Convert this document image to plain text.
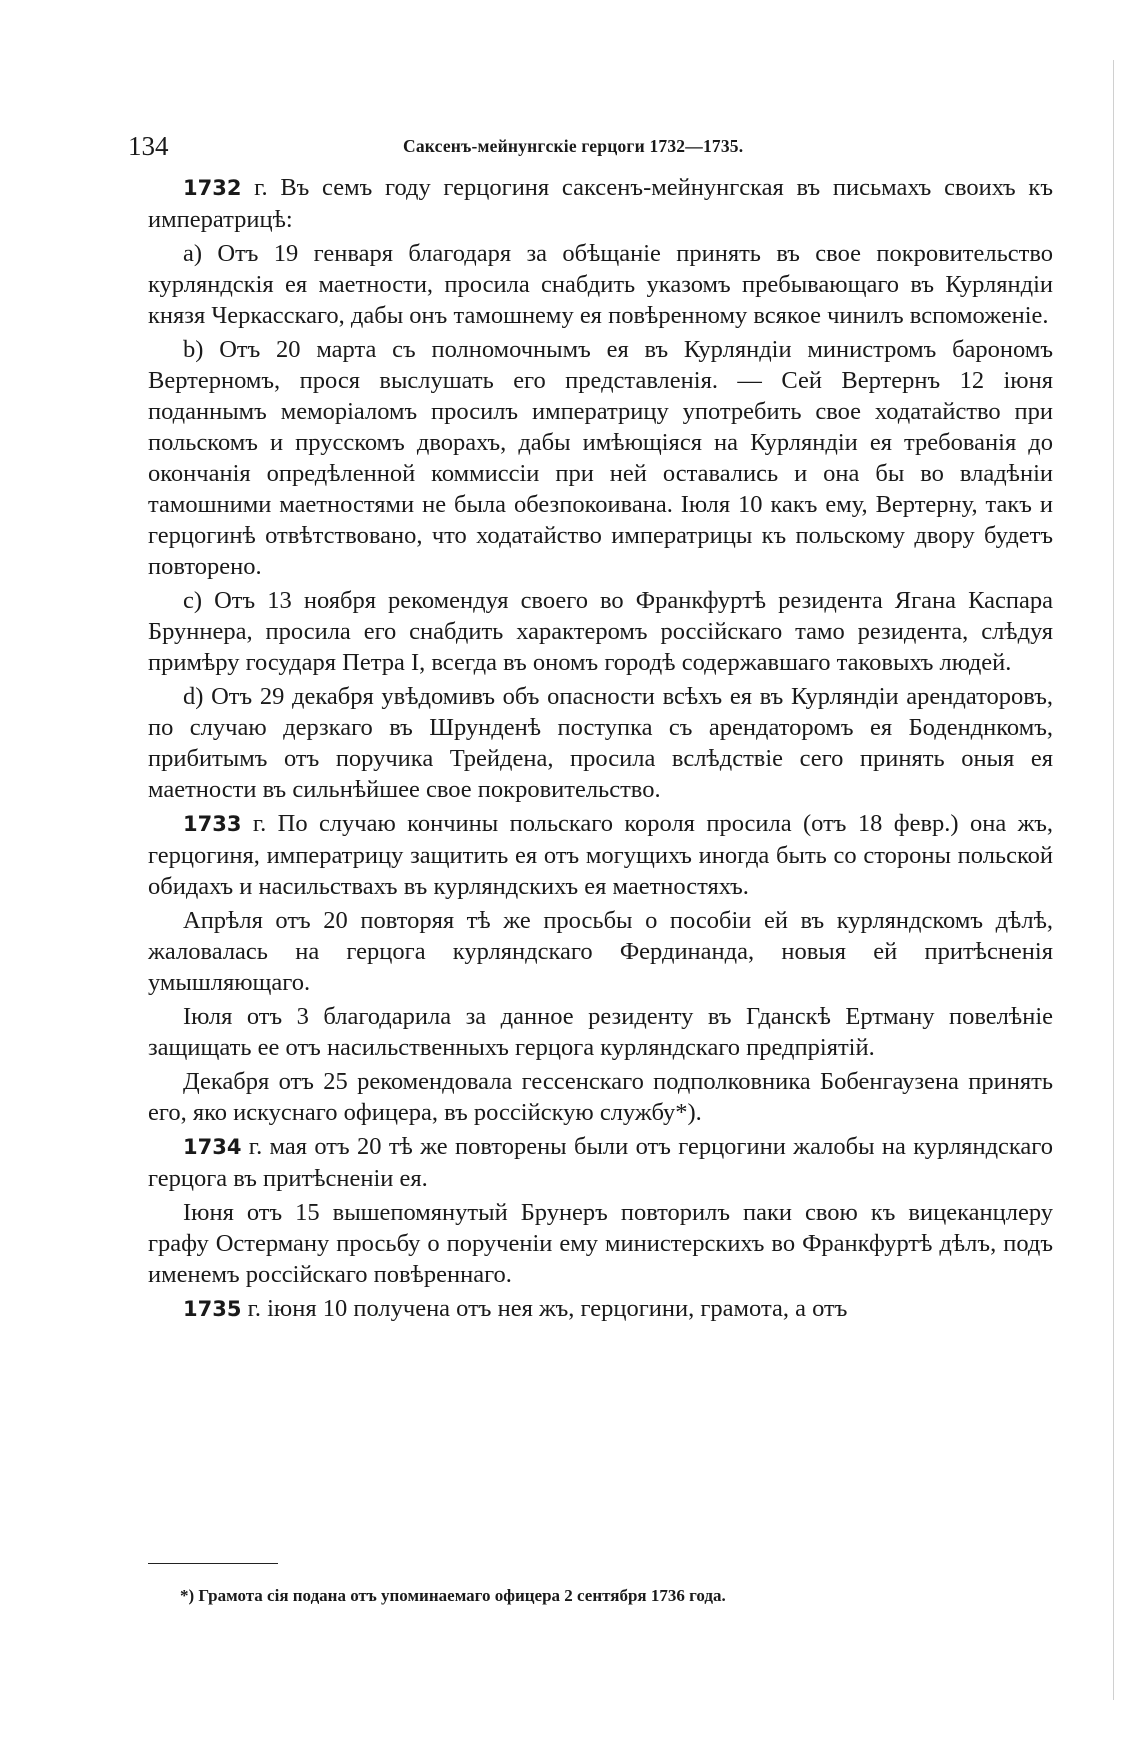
134	Саксенъ-мейнунгскіе герцоги 1732—1735.

1732 г. Въ семъ году герцогиня саксенъ-мейнунгская въ письмахъ своихъ къ императрицѣ:

a) Отъ 19 генваря благодаря за обѣщаніе принять въ свое покровительство курляндскія ея маетности, просила снабдить указомъ пребывающаго въ Курляндіи князя Черкасскаго, дабы онъ тамошнему ея повѣренному всякое чинилъ вспоможеніе.

b) Отъ 20 марта съ полномочнымъ ея въ Курляндіи министромъ барономъ Вертерномъ, прося выслушать его представленія. — Сей Вертернъ 12 іюня поданнымъ меморіаломъ просилъ императрицу употребить свое ходатайство при польскомъ и прусскомъ дворахъ, дабы имѣющіяся на Курляндіи ея требованія до окончанія опредѣленной коммиссіи при ней оставались и она бы во владѣніи тамошними маетностями не была обезпокоивана. Іюля 10 какъ ему, Вертерну, такъ и герцогинѣ отвѣтствовано, что ходатайство императрицы къ польскому двору будетъ повторено.

c) Отъ 13 ноября рекомендуя своего во Франкфуртѣ резидента Ягана Каспара Бруннера, просила его снабдить характеромъ россійскаго тамо резидента, слѣдуя примѣру государя Петра I, всегда въ ономъ городѣ содержавшаго таковыхъ людей.

d) Отъ 29 декабря увѣдомивъ объ опасности всѣхъ ея въ Курляндіи арендаторовъ, по случаю дерзкаго въ Шрунденѣ поступка съ арендаторомъ ея Боденднкомъ, прибитымъ отъ поручика Трейдена, просила вслѣдствіе сего принять оныя ея маетности въ сильнѣйшее свое покровительство.

1733 г. По случаю кончины польскаго короля просила (отъ 18 февр.) она жъ, герцогиня, императрицу защитить ея отъ могущихъ иногда быть со стороны польской обидахъ и насильствахъ въ курляндскихъ ея маетностяхъ.

Апрѣля отъ 20 повторяя тѣ же просьбы о пособіи ей въ курляндскомъ дѣлѣ, жаловалась на герцога курляндскаго Фердинанда, новыя ей притѣсненія умышляющаго.

Іюля отъ 3 благодарила за данное резиденту въ Гданскѣ Ертману повелѣніе защищать ее отъ насильственныхъ герцога курляндскаго предпріятій.

Декабря отъ 25 рекомендовала гессенскаго подполковника Бобенгаузена принять его, яко искуснаго офицера, въ россійскую службу*).

1734 г. мая отъ 20 тѣ же повторены были отъ герцогини жалобы на курляндскаго герцога въ притѣсненіи ея.

Іюня отъ 15 вышепомянутый Брунеръ повторилъ паки свою къ вицеканцлеру графу Остерману просьбу о порученіи ему министерскихъ во Франкфуртѣ дѣлъ, подъ именемъ россійскаго повѣреннаго.

1735 г. іюня 10 получена отъ нея жъ, герцогини, грамота, а отъ

*) Грамота сія подана отъ упоминаемаго офицера 2 сентября 1736 года.
